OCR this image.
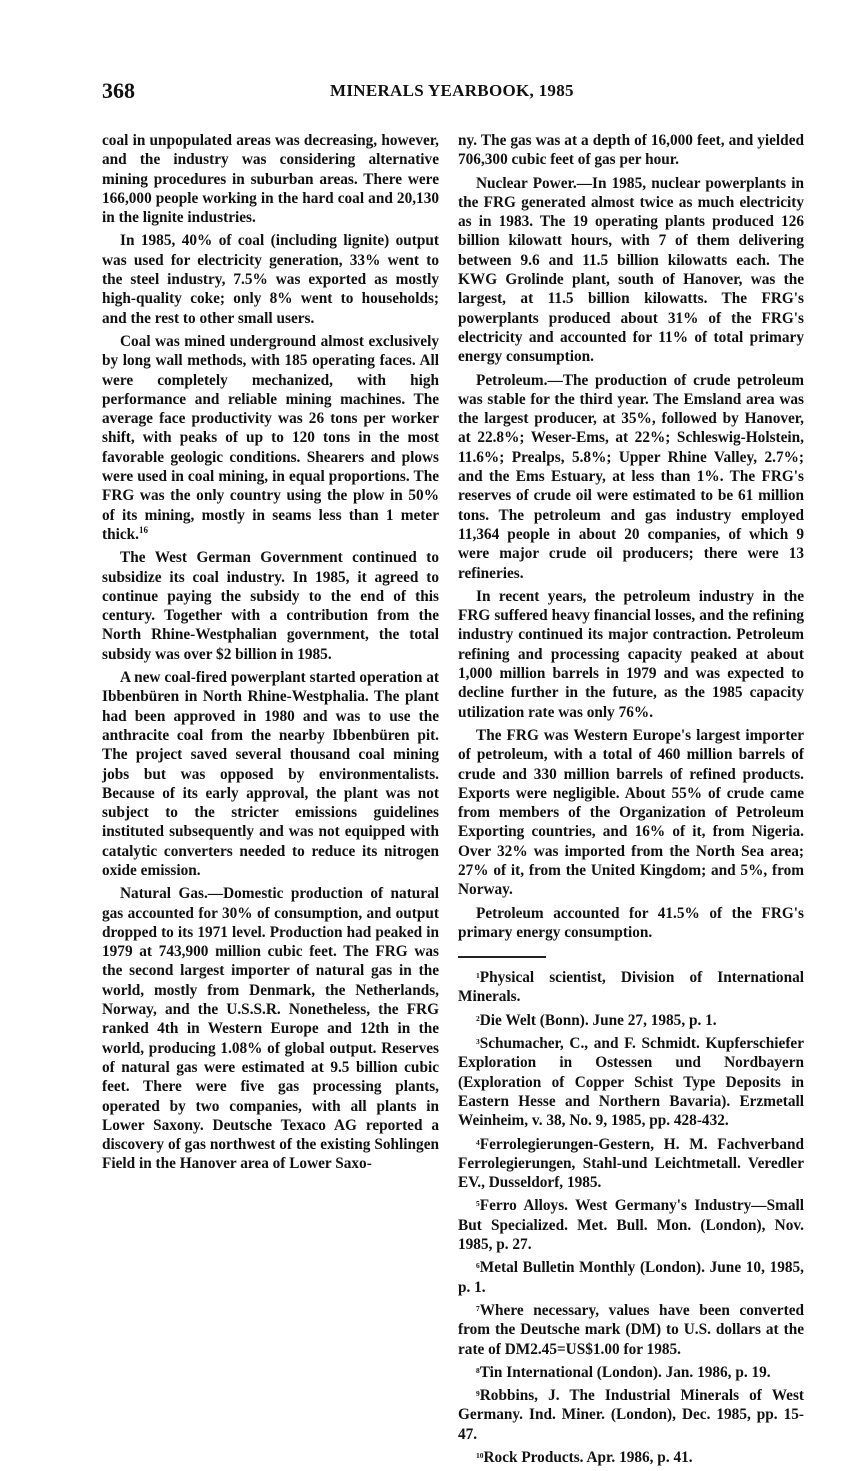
368	MINERALS YEARBOOK, 1985

coal in unpopulated areas was decreasing, however, and the industry was considering alternative mining procedures in suburban areas. There were 166,000 people working in the hard coal and 20,130 in the lignite industries.

In 1985, 40% of coal (including lignite) output was used for electricity generation, 33% went to the steel industry, 7.5% was exported as mostly high-quality coke; only 8% went to households; and the rest to other small users.

Coal was mined underground almost exclusively by long wall methods, with 185 operating faces. All were completely mechanized, with high performance and reliable mining machines. The average face productivity was 26 tons per worker shift, with peaks of up to 120 tons in the most favorable geologic conditions. Shearers and plows were used in coal mining, in equal proportions. The FRG was the only country using the plow in 50% of its mining, mostly in seams less than 1 meter thick.$^{16}$

The West German Government continued to subsidize its coal industry. In 1985, it agreed to continue paying the subsidy to the end of this century. Together with a contribution from the North Rhine-Westphalian government, the total subsidy was over $2 billion in 1985.

A new coal-fired powerplant started operation at Ibbenbüren in North Rhine-Westphalia. The plant had been approved in 1980 and was to use the anthracite coal from the nearby Ibbenbüren pit. The project saved several thousand coal mining jobs but was opposed by environmentalists. Because of its early approval, the plant was not subject to the stricter emissions guidelines instituted subsequently and was not equipped with catalytic converters needed to reduce its nitrogen oxide emission.

Natural Gas.—Domestic production of natural gas accounted for 30% of consumption, and output dropped to its 1971 level. Production had peaked in 1979 at 743,900 million cubic feet. The FRG was the second largest importer of natural gas in the world, mostly from Denmark, the Netherlands, Norway, and the U.S.S.R. Nonetheless, the FRG ranked 4th in Western Europe and 12th in the world, producing 1.08% of global output. Reserves of natural gas were estimated at 9.5 billion cubic feet. There were five gas processing plants, operated by two companies, with all plants in Lower Saxony. Deutsche Texaco AG reported a discovery of gas northwest of the existing Sohlingen Field in the Hanover area of Lower Saxo-

ny. The gas was at a depth of 16,000 feet, and yielded 706,300 cubic feet of gas per hour.

Nuclear Power.—In 1985, nuclear powerplants in the FRG generated almost twice as much electricity as in 1983. The 19 operating plants produced 126 billion kilowatt hours, with 7 of them delivering between 9.6 and 11.5 billion kilowatts each. The KWG Grolinde plant, south of Hanover, was the largest, at 11.5 billion kilowatts. The FRG's powerplants produced about 31% of the FRG's electricity and accounted for 11% of total primary energy consumption.

Petroleum.—The production of crude petroleum was stable for the third year. The Emsland area was the largest producer, at 35%, followed by Hanover, at 22.8%; Weser-Ems, at 22%; Schleswig-Holstein, 11.6%; Prealps, 5.8%; Upper Rhine Valley, 2.7%; and the Ems Estuary, at less than 1%. The FRG's reserves of crude oil were estimated to be 61 million tons. The petroleum and gas industry employed 11,364 people in about 20 companies, of which 9 were major crude oil producers; there were 13 refineries.

In recent years, the petroleum industry in the FRG suffered heavy financial losses, and the refining industry continued its major contraction. Petroleum refining and processing capacity peaked at about 1,000 million barrels in 1979 and was expected to decline further in the future, as the 1985 capacity utilization rate was only 76%.

The FRG was Western Europe's largest importer of petroleum, with a total of 460 million barrels of crude and 330 million barrels of refined products. Exports were negligible. About 55% of crude came from members of the Organization of Petroleum Exporting countries, and 16% of it, from Nigeria. Over 32% was imported from the North Sea area; 27% of it, from the United Kingdom; and 5%, from Norway.

Petroleum accounted for 41.5% of the FRG's primary energy consumption.

$^1$Physical scientist, Division of International Minerals.

$^2$Die Welt (Bonn). June 27, 1985, p. 1.

$^3$Schumacher, C., and F. Schmidt. Kupferschiefer Exploration in Ostessen und Nordbayern (Exploration of Copper Schist Type Deposits in Eastern Hesse and Northern Bavaria). Erzmetall Weinheim, v. 38, No. 9, 1985, pp. 428-432.

$^4$Ferrolegierungen-Gestern, H. M. Fachverband Ferrolegierungen, Stahl-und Leichtmetall. Veredler EV., Dusseldorf, 1985.

$^5$Ferro Alloys. West Germany's Industry—Small But Specialized. Met. Bull. Mon. (London), Nov. 1985, p. 27.

$^6$Metal Bulletin Monthly (London). June 10, 1985, p. 1.

$^7$Where necessary, values have been converted from the Deutsche mark (DM) to U.S. dollars at the rate of DM2.45=US$1.00 for 1985.

$^8$Tin International (London). Jan. 1986, p. 19.

$^9$Robbins, J. The Industrial Minerals of West Germany. Ind. Miner. (London), Dec. 1985, pp. 15-47.

$^{10}$Rock Products. Apr. 1986, p. 41.
